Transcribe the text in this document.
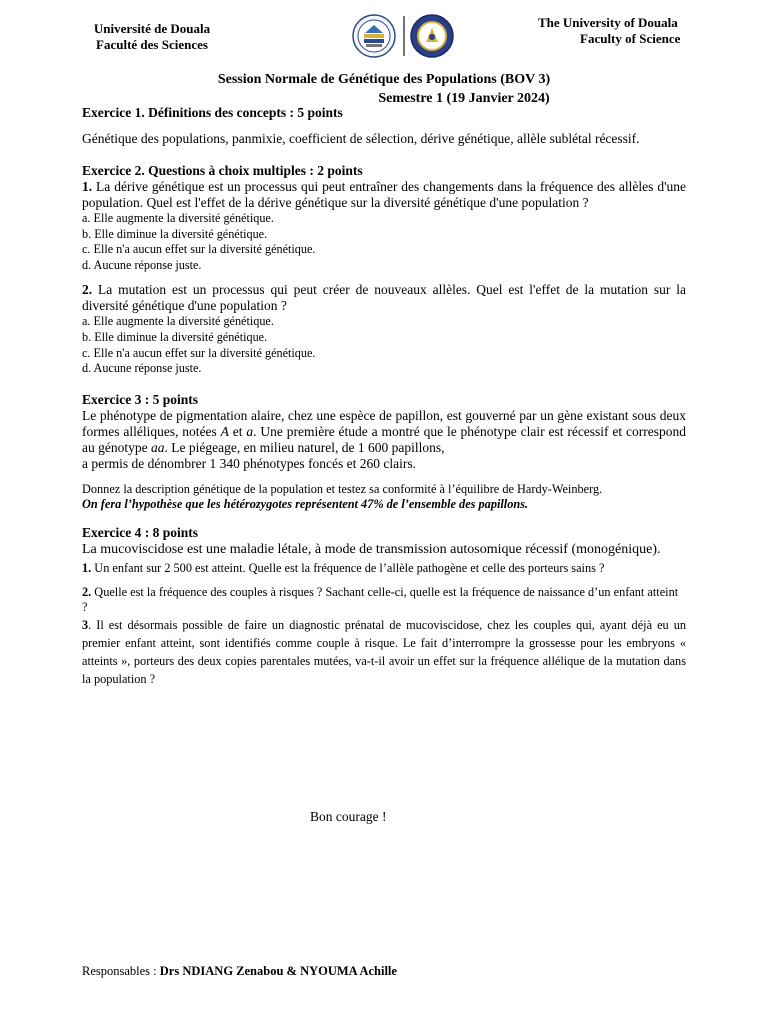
Université de Douala
Faculté des Sciences
The University of Douala
Faculty of Science
Session Normale de Génétique des Populations (BOV 3)
Semestre 1 (19 Janvier 2024)

Exercice 1. Définitions des concepts : 5 points

Génétique des populations, panmixie, coefficient de sélection, dérive génétique, allèle sublétal récessif.

Exercice 2. Questions à choix multiples : 2 points

1. La dérive génétique est un processus qui peut entraîner des changements dans la fréquence des allèles d'une population. Quel est l'effet de la dérive génétique sur la diversité génétique d'une population ?

a. Elle augmente la diversité génétique.
b. Elle diminue la diversité génétique.
c. Elle n'a aucun effet sur la diversité génétique.
d. Aucune réponse juste.

2. La mutation est un processus qui peut créer de nouveaux allèles. Quel est l'effet de la mutation sur la diversité génétique d'une population ?

a. Elle augmente la diversité génétique.
b. Elle diminue la diversité génétique.
c. Elle n'a aucun effet sur la diversité génétique.
d. Aucune réponse juste.

Exercice 3 : 5 points

Le phénotype de pigmentation alaire, chez une espèce de papillon, est gouverné par un gène existant sous deux formes alléliques, notées A et a. Une première étude a montré que le phénotype clair est récessif et correspond au génotype aa. Le piégeage, en milieu naturel, de 1 600 papillons,

a permis de dénombrer 1 340 phénotypes foncés et 260 clairs.

Donnez la description génétique de la population et testez sa conformité à l’équilibre de Hardy-Weinberg.

On fera l’hypothèse que les hétérozygotes représentent 47% de l’ensemble des papillons.

Exercice 4 : 8 points

La mucoviscidose est une maladie létale, à mode de transmission autosomique récessif (monogénique).

1. Un enfant sur 2 500 est atteint. Quelle est la fréquence de l’allèle pathogène et celle des porteurs sains ?

2. Quelle est la fréquence des couples à risques ? Sachant celle-ci, quelle est la fréquence de naissance d’un enfant atteint ?

3. Il est désormais possible de faire un diagnostic prénatal de mucoviscidose, chez les couples qui, ayant déjà eu un premier enfant atteint, sont identifiés comme couple à risque. Le fait d’interrompre la grossesse pour les embryons « atteints », porteurs des deux copies parentales mutées, va-t-il avoir un effet sur la fréquence allélique de la mutation dans la population ?

Bon courage !
Responsables : Drs NDIANG Zenabou & NYOUMA Achille
